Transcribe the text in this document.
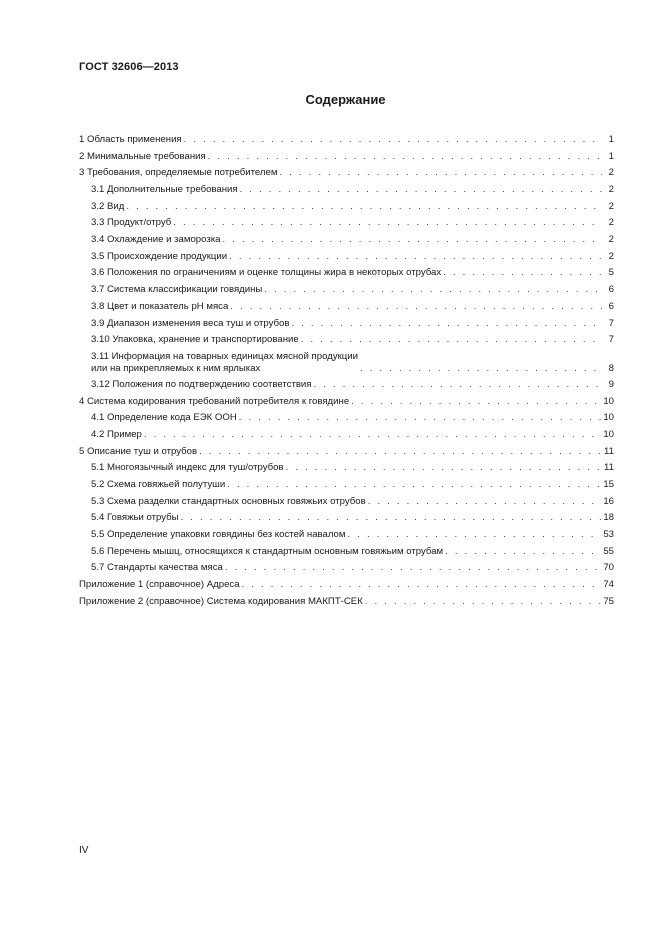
ГОСТ 32606—2013
Содержание
1 Область применения . . .	1
2 Минимальные требования . . .	1
3 Требования, определяемые потребителем . . .	2
3.1 Дополнительные требования . . .	2
3.2 Вид . . .	2
3.3 Продукт/отруб . . .	2
3.4 Охлаждение и заморозка . . .	2
3.5 Происхождение продукции . . .	2
3.6 Положения по ограничениям и оценке толщины жира в некоторых отрубах . . .	5
3.7 Система классификации говядины . . .	6
3.8 Цвет и показатель рН мяса . . .	6
3.9 Диапазон изменения веса туш и отрубов . . .	7
3.10 Упаковка, хранение и транспортирование . . .	7
3.11 Информация на товарных единицах мясной продукции
или на прикрепляемых к ним ярлыках . . .	8
3.12 Положения по подтверждению соответствия . . .	9
4 Система кодирования требований потребителя к говядине . . .	10
4.1 Определение кода ЕЭК ООН . . .	10
4.2 Пример . . .	10
5 Описание туш и отрубов . . .	11
5.1 Многоязычный индекс для туш/отрубов . . .	11
5.2 Схема говяжьей полутуши . . .	15
5.3 Схема разделки стандартных основных говяжьих отрубов . . .	16
5.4 Говяжьи отрубы . . .	18
5.5 Определение упаковки говядины без костей навалом . . .	53
5.6 Перечень мышц, относящихся к стандартным основным говяжьим отрубам . . .	55
5.7 Стандарты качества мяса . . .	70
Приложение 1 (справочное) Адреса . . .	74
Приложение 2 (справочное) Система кодирования МАКПТ-СЕК . . .	75
IV
